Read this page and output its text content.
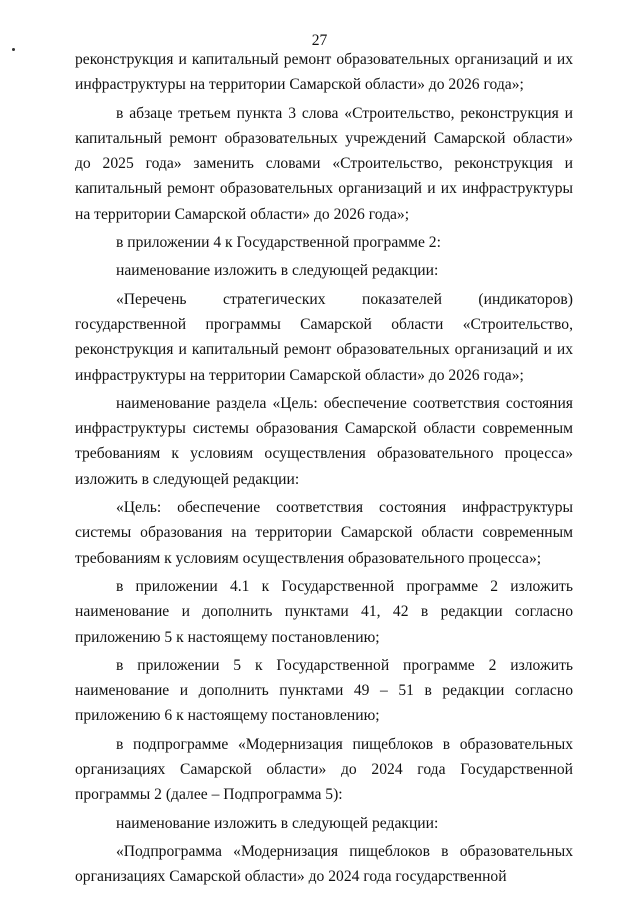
27

реконструкция и капитальный ремонт образовательных организаций и их инфраструктуры на территории Самарской области» до 2026 года»;

в абзаце третьем пункта 3 слова «Строительство, реконструкция и капитальный ремонт образовательных учреждений Самарской области» до 2025 года» заменить словами «Строительство, реконструкция и капитальный ремонт образовательных организаций и их инфраструктуры на территории Самарской области» до 2026 года»;

в приложении 4 к Государственной программе 2:

наименование изложить в следующей редакции:

«Перечень стратегических показателей (индикаторов) государственной программы Самарской области «Строительство, реконструкция и капитальный ремонт образовательных организаций и их инфраструктуры на территории Самарской области» до 2026 года»;

наименование раздела «Цель: обеспечение соответствия состояния инфраструктуры системы образования Самарской области современным требованиям к условиям осуществления образовательного процесса» изложить в следующей редакции:

«Цель: обеспечение соответствия состояния инфраструктуры системы образования на территории Самарской области современным требованиям к условиям осуществления образовательного процесса»;

в приложении 4.1 к Государственной программе 2 изложить наименование и дополнить пунктами 41, 42 в редакции согласно приложению 5 к настоящему постановлению;

в приложении 5 к Государственной программе 2 изложить наименование и дополнить пунктами 49 – 51 в редакции согласно приложению 6 к настоящему постановлению;

в подпрограмме «Модернизация пищеблоков в образовательных организациях Самарской области» до 2024 года Государственной программы 2 (далее – Подпрограмма 5):

наименование изложить в следующей редакции:

«Подпрограмма «Модернизация пищеблоков в образовательных организациях Самарской области» до 2024 года государственной
